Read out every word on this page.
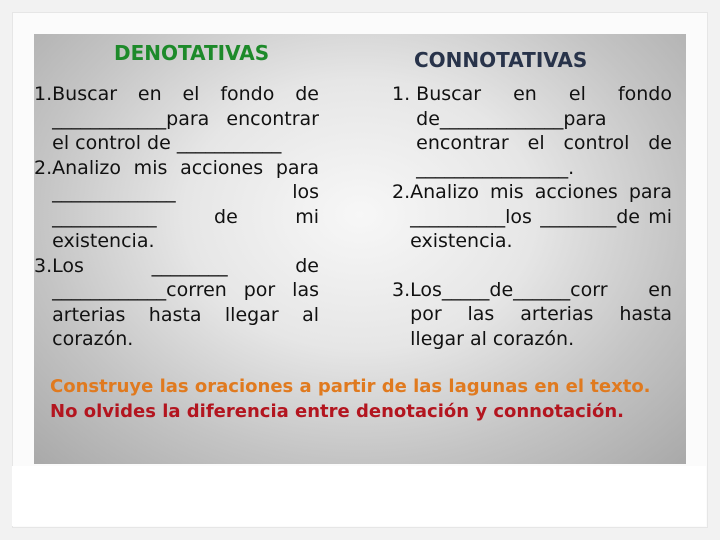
DENOTATIVAS	CONNOTATIVAS
1. Buscar en el fondo de ____________para encontrar el control de ___________
2. Analizo mis acciones para _____________ los ___________ de mi existencia.
3. Los ________ de ____________corren por las arterias hasta llegar al corazón.
1. Buscar en el fondo de_____________para encontrar el control de ________________.
2. Analizo mis acciones para __________los ________de mi existencia.
3. Los_____de______corr en por las arterias hasta llegar al corazón.
Construye las oraciones a partir de las lagunas en el texto. No olvides la diferencia entre denotación y connotación.
